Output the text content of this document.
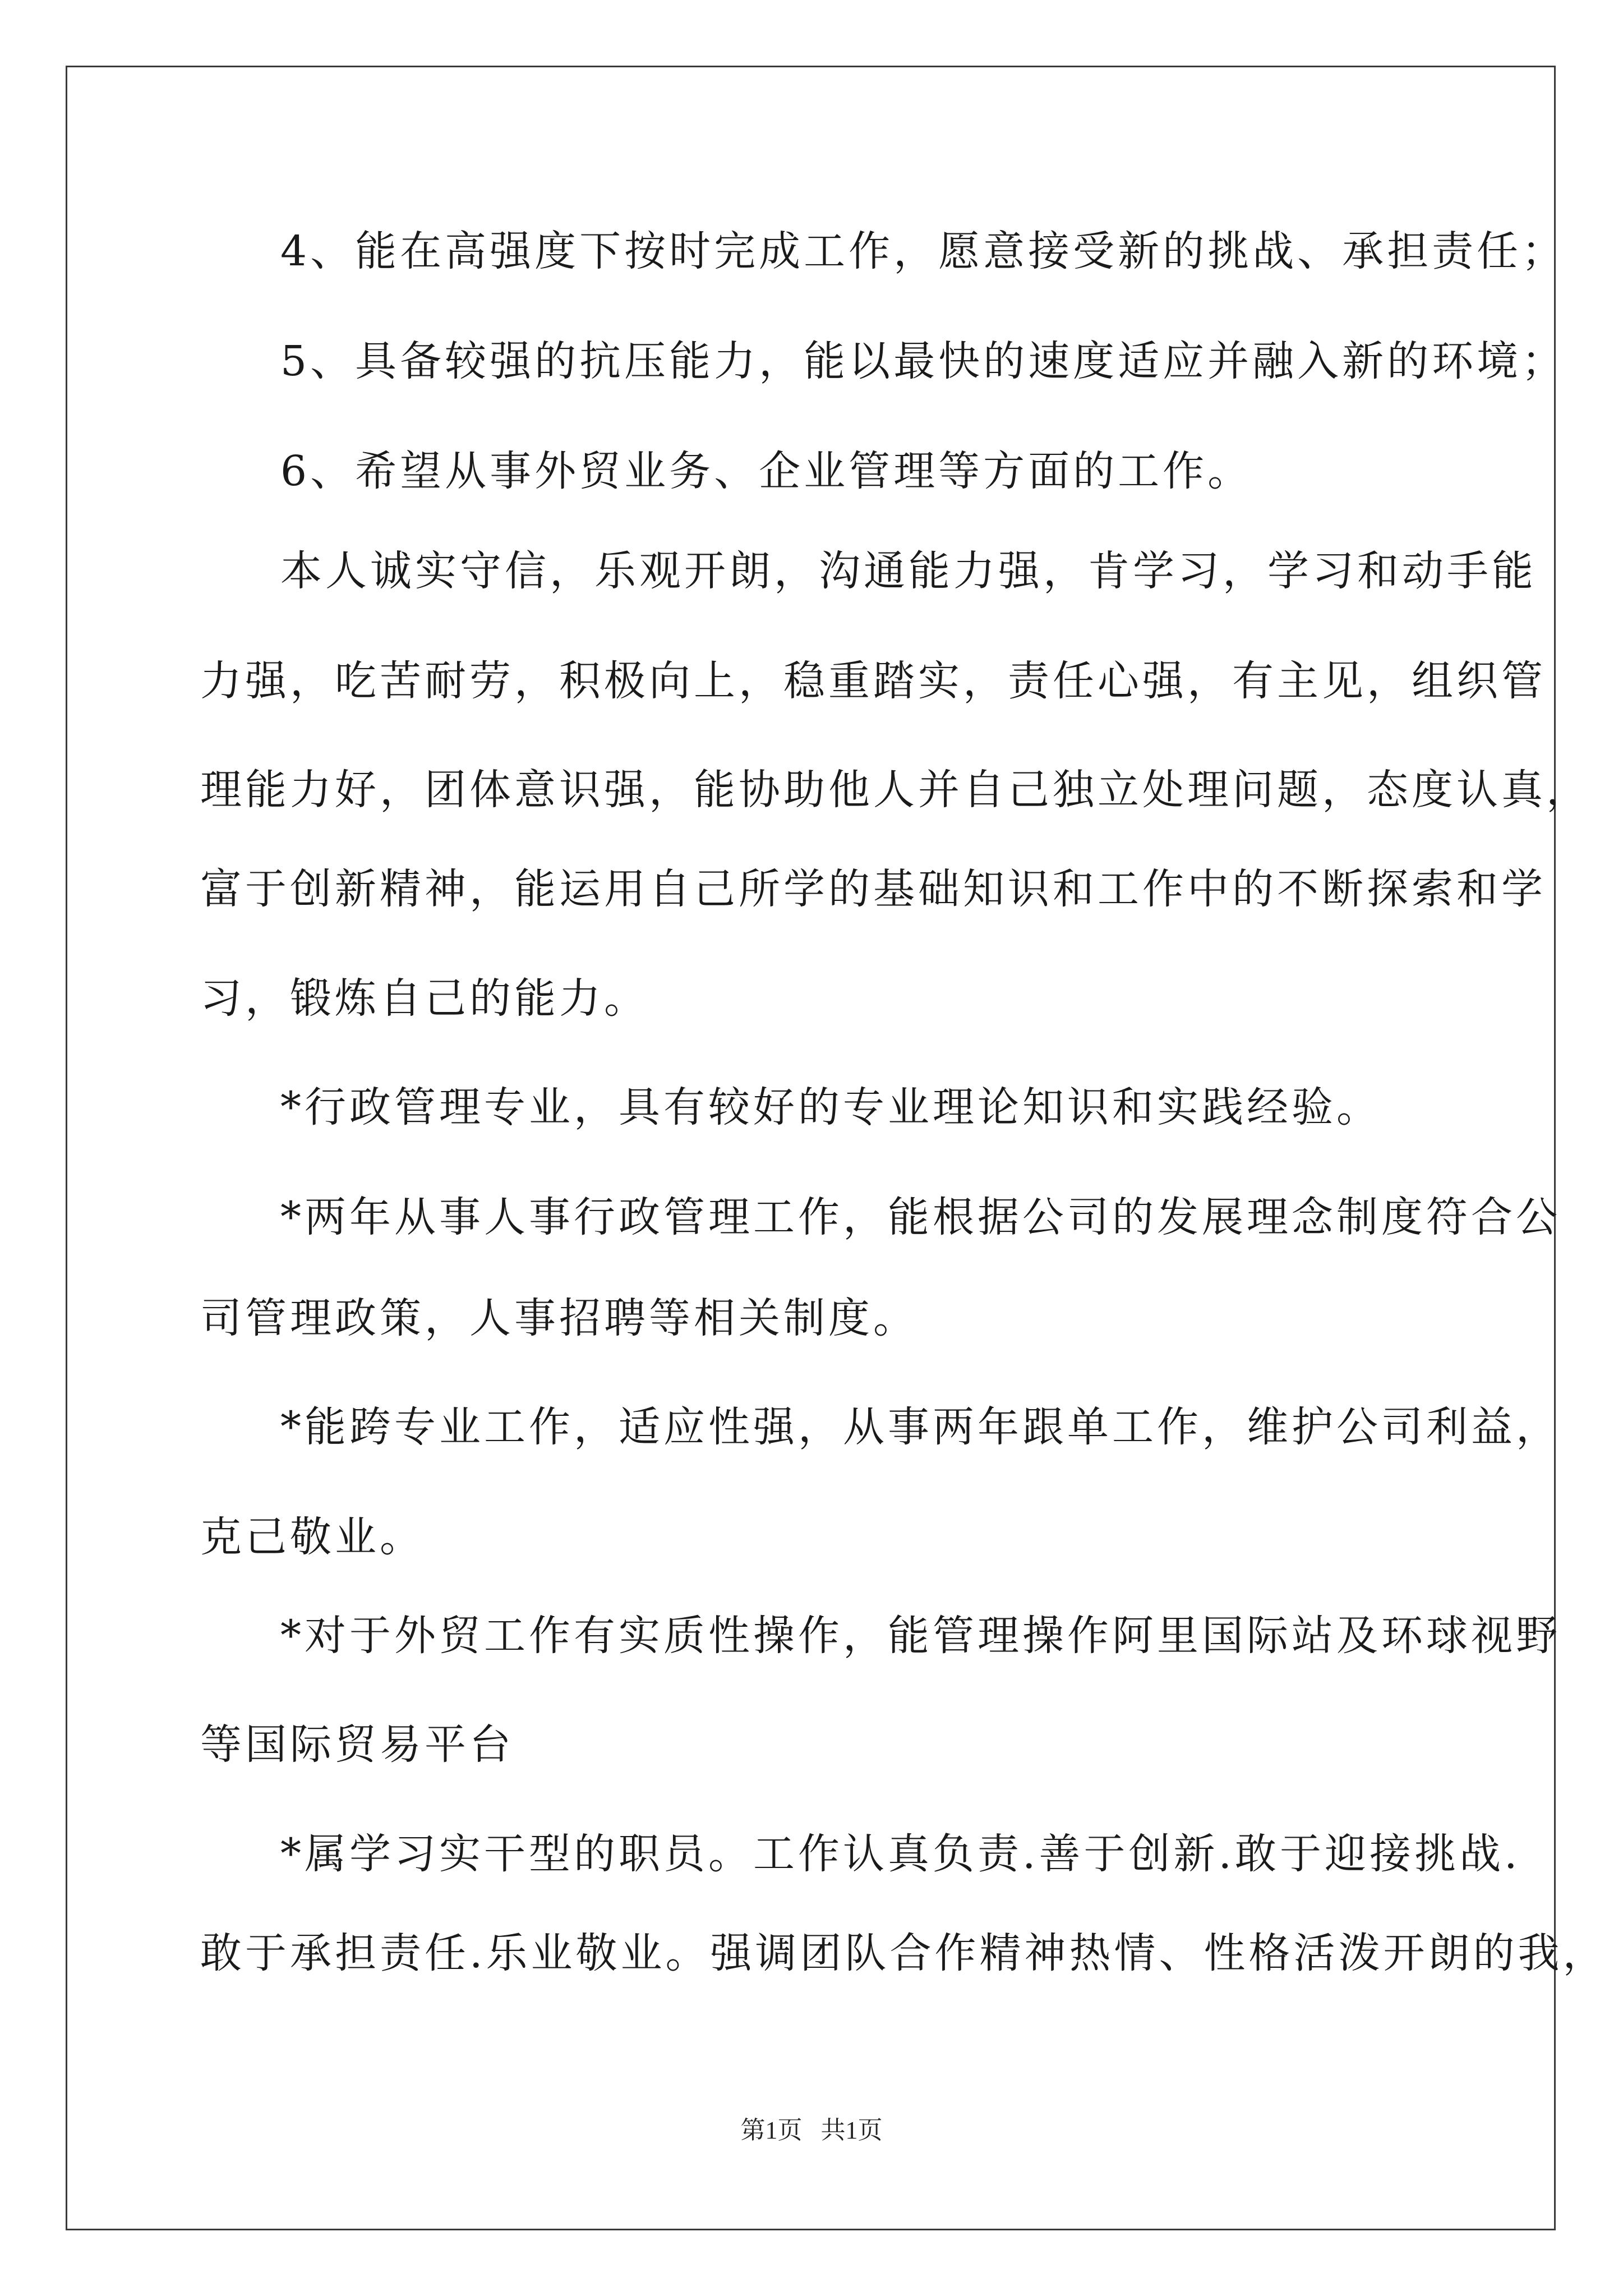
4、能在高强度下按时完成工作，愿意接受新的挑战、承担责任；
5、具备较强的抗压能力，能以最快的速度适应并融入新的环境；
6、希望从事外贸业务、企业管理等方面的工作。
本人诚实守信，乐观开朗，沟通能力强，肯学习，学习和动手能
力强，吃苦耐劳，积极向上，稳重踏实，责任心强，有主见，组织管
理能力好，团体意识强，能协助他人并自己独立处理问题，态度认真，
富于创新精神，能运用自己所学的基础知识和工作中的不断探索和学
习，锻炼自己的能力。
*行政管理专业，具有较好的专业理论知识和实践经验。
*两年从事人事行政管理工作，能根据公司的发展理念制度符合公
司管理政策，人事招聘等相关制度。
*能跨专业工作，适应性强，从事两年跟单工作，维护公司利益，
克己敬业。
*对于外贸工作有实质性操作，能管理操作阿里国际站及环球视野
等国际贸易平台
*属学习实干型的职员。工作认真负责.善于创新.敢于迎接挑战.
敢于承担责任.乐业敬业。强调团队合作精神热情、性格活泼开朗的我，
第1页   共1页
